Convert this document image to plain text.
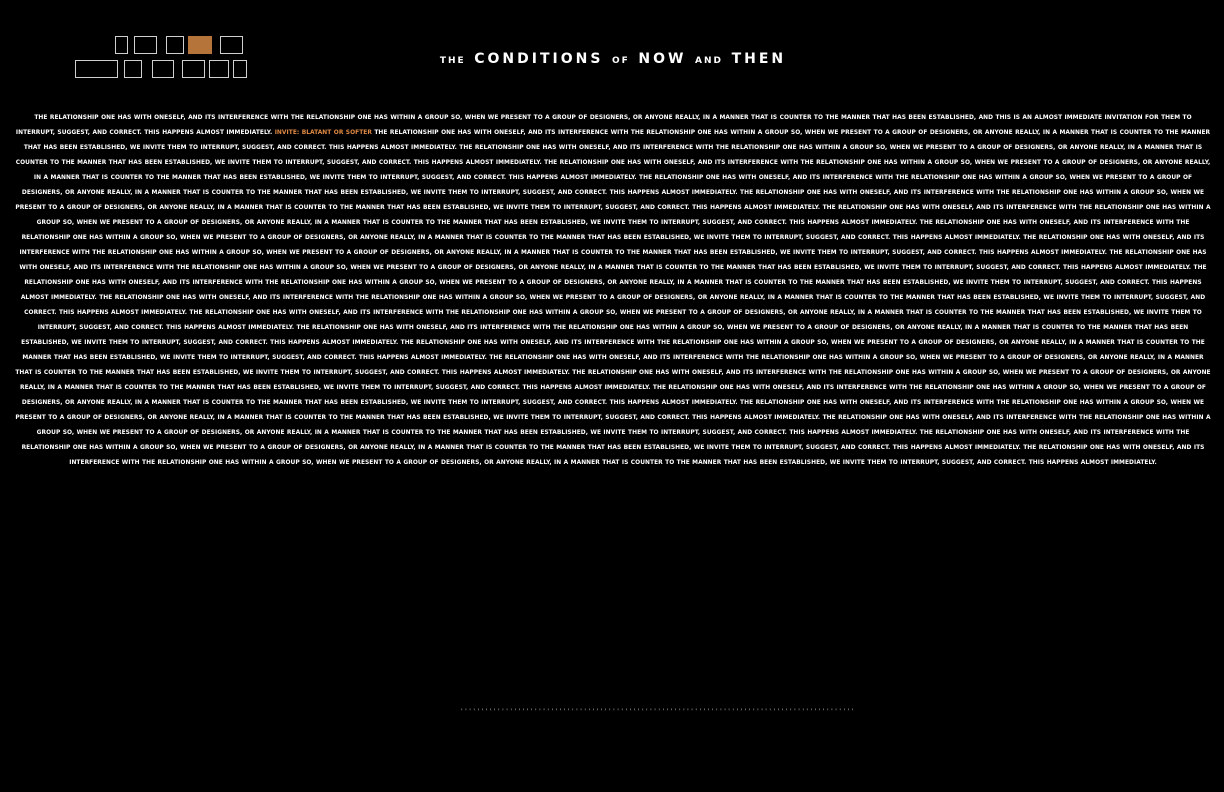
THE CONDITIONS OF NOW AND THEN
THE RELATIONSHIP ONE HAS WITH ONESELF, AND ITS INTERFERENCE WITH THE RELATIONSHIP ONE HAS WITHIN A GROUP SO, WHEN WE PRESENT TO A GROUP OF DESIGNERS, OR ANYONE REALLY, IN A MANNER THAT IS COUNTER TO THE MANNER THAT HAS BEEN ESTABLISHED, AND THIS IS AN ALMOST IMMEDIATE INVITATION FOR THEM TO INTERRUPT, SUGGEST, AND CORRECT. THIS HAPPENS ALMOST IMMEDIATELY. INVITE: BLATANT OR SOFTER THE RELATIONSHIP ONE HAS WITH ONESELF, AND ITS INTERFERENCE WITH THE RELATIONSHIP ONE HAS WITHIN A GROUP SO, WHEN WE PRESENT TO A GROUP OF DESIGNERS, OR ANYONE REALLY, IN A MANNER THAT IS COUNTER TO THE MANNER THAT HAS BEEN ESTABLISHED, WE INVITE THEM TO INTERRUPT, SUGGEST, AND CORRECT. THIS HAPPENS ALMOST IMMEDIATELY. THE RELATIONSHIP ONE HAS WITH ONESELF, AND ITS INTERFERENCE WITH THE RELATIONSHIP ONE HAS WITHIN A GROUP SO, WHEN WE PRESENT TO A GROUP OF DESIGNERS, OR ANYONE REALLY, IN A MANNER THAT IS COUNTER TO THE MANNER THAT HAS BEEN ESTABLISHED, WE INVITE THEM TO INTERRUPT, SUGGEST, AND CORRECT. THIS HAPPENS ALMOST IMMEDIATELY. THE RELATIONSHIP ONE HAS WITH ONESELF, AND ITS INTERFERENCE WITH THE RELATIONSHIP ONE HAS WITHIN A GROUP SO, WHEN WE PRESENT TO A GROUP OF DESIGNERS, OR ANYONE REALLY, IN A MANNER THAT IS COUNTER TO THE MANNER THAT HAS BEEN ESTABLISHED, WE INVITE THEM TO INTERRUPT, SUGGEST, AND CORRECT. THIS HAPPENS ALMOST IMMEDIATELY. THE RELATIONSHIP ONE HAS WITH ONESELF, AND ITS INTERFERENCE WITH THE RELATIONSHIP ONE HAS WITHIN A GROUP SO, WHEN WE PRESENT TO A GROUP OF DESIGNERS, OR ANYONE REALLY, IN A MANNER THAT IS COUNTER TO THE MANNER THAT HAS BEEN ESTABLISHED, WE INVITE THEM TO INTERRUPT, SUGGEST, AND CORRECT. THIS HAPPENS ALMOST IMMEDIATELY. THE RELATIONSHIP ONE HAS WITH ONESELF, AND ITS INTERFERENCE WITH THE RELATIONSHIP ONE HAS WITHIN A GROUP SO, WHEN WE PRESENT TO A GROUP OF DESIGNERS, OR ANYONE REALLY, IN A MANNER THAT IS COUNTER TO THE MANNER THAT HAS BEEN ESTABLISHED, WE INVITE THEM TO INTERRUPT, SUGGEST, AND CORRECT. THIS HAPPENS ALMOST IMMEDIATELY. THE RELATIONSHIP ONE HAS WITH ONESELF, AND ITS INTERFERENCE WITH THE RELATIONSHIP ONE HAS WITHIN A GROUP SO, WHEN WE PRESENT TO A GROUP OF DESIGNERS, OR ANYONE REALLY, IN A MANNER THAT IS COUNTER TO THE MANNER THAT HAS BEEN ESTABLISHED, WE INVITE THEM TO INTERRUPT, SUGGEST, AND CORRECT. THIS HAPPENS ALMOST IMMEDIATELY. THE RELATIONSHIP ONE HAS WITH ONESELF, AND ITS INTERFERENCE WITH THE RELATIONSHIP ONE HAS WITHIN A GROUP SO, WHEN WE PRESENT TO A GROUP OF DESIGNERS, OR ANYONE REALLY, IN A MANNER THAT IS COUNTER TO THE MANNER THAT HAS BEEN ESTABLISHED, WE INVITE THEM TO INTERRUPT, SUGGEST, AND CORRECT. THIS HAPPENS ALMOST IMMEDIATELY. THE RELATIONSHIP ONE HAS WITH ONESELF, AND ITS INTERFERENCE WITH THE RELATIONSHIP ONE HAS WITHIN A GROUP SO, WHEN WE PRESENT TO A GROUP OF DESIGNERS, OR ANYONE REALLY, IN A MANNER THAT IS COUNTER TO THE MANNER THAT HAS BEEN ESTABLISHED, WE INVITE THEM TO INTERRUPT, SUGGEST, AND CORRECT. THIS HAPPENS ALMOST IMMEDIATELY. THE RELATIONSHIP ONE HAS WITH ONESELF, AND ITS INTERFERENCE WITH THE RELATIONSHIP ONE HAS WITHIN A GROUP SO, WHEN WE PRESENT TO A GROUP OF DESIGNERS, OR ANYONE REALLY, IN A MANNER THAT IS COUNTER TO THE MANNER THAT HAS BEEN ESTABLISHED, WE INVITE THEM TO INTERRUPT, SUGGEST, AND CORRECT. THIS HAPPENS ALMOST IMMEDIATELY. THE RELATIONSHIP ONE HAS WITH ONESELF, AND ITS INTERFERENCE WITH THE RELATIONSHIP ONE HAS WITHIN A GROUP SO, WHEN WE PRESENT TO A GROUP OF DESIGNERS, OR ANYONE REALLY, IN A MANNER THAT IS COUNTER TO THE MANNER THAT HAS BEEN ESTABLISHED, WE INVITE THEM TO INTERRUPT, SUGGEST, AND CORRECT. THIS HAPPENS ALMOST IMMEDIATELY. THE RELATIONSHIP ONE HAS WITH ONESELF, AND ITS INTERFERENCE WITH THE RELATIONSHIP ONE HAS WITHIN A GROUP SO, WHEN WE PRESENT TO A GROUP OF DESIGNERS, OR ANYONE REALLY, IN A MANNER THAT IS COUNTER TO THE MANNER THAT HAS BEEN ESTABLISHED, WE INVITE THEM TO INTERRUPT, SUGGEST, AND CORRECT. THIS HAPPENS ALMOST IMMEDIATELY. THE RELATIONSHIP ONE HAS WITH ONESELF, AND ITS INTERFERENCE WITH THE RELATIONSHIP ONE HAS WITHIN A GROUP SO, WHEN WE PRESENT TO A GROUP OF DESIGNERS, OR ANYONE REALLY, IN A MANNER THAT IS COUNTER TO THE MANNER THAT HAS BEEN ESTABLISHED, WE INVITE THEM TO INTERRUPT, SUGGEST, AND CORRECT. THIS HAPPENS ALMOST IMMEDIATELY. THE RELATIONSHIP ONE HAS WITH ONESELF, AND ITS INTERFERENCE WITH THE RELATIONSHIP ONE HAS WITHIN A GROUP SO, WHEN WE PRESENT TO A GROUP OF DESIGNERS, OR ANYONE REALLY, IN A MANNER THAT IS COUNTER TO THE MANNER THAT HAS BEEN ESTABLISHED, WE INVITE THEM TO INTERRUPT, SUGGEST, AND CORRECT. THIS HAPPENS ALMOST IMMEDIATELY. THE RELATIONSHIP ONE HAS WITH ONESELF, AND ITS INTERFERENCE WITH THE RELATIONSHIP ONE HAS WITHIN A GROUP SO, WHEN WE PRESENT TO A GROUP OF DESIGNERS, OR ANYONE REALLY, IN A MANNER THAT IS COUNTER TO THE MANNER THAT HAS BEEN ESTABLISHED, WE INVITE THEM TO INTERRUPT, SUGGEST, AND CORRECT. THIS HAPPENS ALMOST IMMEDIATELY. THE RELATIONSHIP ONE HAS WITH ONESELF, AND ITS INTERFERENCE WITH THE RELATIONSHIP ONE HAS WITHIN A GROUP SO, WHEN WE PRESENT TO A GROUP OF DESIGNERS, OR ANYONE REALLY, IN A MANNER THAT IS COUNTER TO THE MANNER THAT HAS BEEN ESTABLISHED, WE INVITE THEM TO INTERRUPT, SUGGEST, AND CORRECT. THIS HAPPENS ALMOST IMMEDIATELY. THE RELATIONSHIP ONE HAS WITH ONESELF, AND ITS INTERFERENCE WITH THE RELATIONSHIP ONE HAS WITHIN A GROUP SO, WHEN WE PRESENT TO A GROUP OF DESIGNERS, OR ANYONE REALLY, IN A MANNER THAT IS COUNTER TO THE MANNER THAT HAS BEEN ESTABLISHED, WE INVITE THEM TO INTERRUPT, SUGGEST, AND CORRECT. THIS HAPPENS ALMOST IMMEDIATELY. THE RELATIONSHIP ONE HAS WITH ONESELF, AND ITS INTERFERENCE WITH THE RELATIONSHIP ONE HAS WITHIN A GROUP SO, WHEN WE PRESENT TO A GROUP OF DESIGNERS, OR ANYONE REALLY, IN A MANNER THAT IS COUNTER TO THE MANNER THAT HAS BEEN ESTABLISHED, WE INVITE THEM TO INTERRUPT, SUGGEST, AND CORRECT. THIS HAPPENS ALMOST IMMEDIATELY. THE RELATIONSHIP ONE HAS WITH ONESELF, AND ITS INTERFERENCE WITH THE RELATIONSHIP ONE HAS WITHIN A GROUP SO, WHEN WE PRESENT TO A GROUP OF DESIGNERS, OR ANYONE REALLY, IN A MANNER THAT IS COUNTER TO THE MANNER THAT HAS BEEN ESTABLISHED, WE INVITE THEM TO INTERRUPT, SUGGEST, AND CORRECT. THIS HAPPENS ALMOST IMMEDIATELY. THE RELATIONSHIP ONE HAS WITH ONESELF, AND ITS INTERFERENCE WITH THE RELATIONSHIP ONE HAS WITHIN A GROUP SO, WHEN WE PRESENT TO A GROUP OF DESIGNERS, OR ANYONE REALLY, IN A MANNER THAT IS COUNTER TO THE MANNER THAT HAS BEEN ESTABLISHED, WE INVITE THEM TO INTERRUPT, SUGGEST, AND CORRECT. THIS HAPPENS ALMOST IMMEDIATELY. THE RELATIONSHIP ONE HAS WITH ONESELF, AND ITS INTERFERENCE WITH THE RELATIONSHIP ONE HAS WITHIN A GROUP SO, WHEN WE PRESENT TO A GROUP OF DESIGNERS, OR ANYONE REALLY, IN A MANNER THAT IS COUNTER TO THE MANNER THAT HAS BEEN ESTABLISHED, WE INVITE THEM TO INTERRUPT, SUGGEST, AND CORRECT. THIS HAPPENS ALMOST IMMEDIATELY. THE RELATIONSHIP ONE HAS WITH ONESELF, AND ITS INTERFERENCE WITH THE RELATIONSHIP ONE HAS WITHIN A GROUP SO, WHEN WE PRESENT TO A GROUP OF DESIGNERS, OR ANYONE REALLY, IN A MANNER THAT IS COUNTER TO THE MANNER THAT HAS BEEN ESTABLISHED, WE INVITE THEM TO INTERRUPT, SUGGEST, AND CORRECT. THIS HAPPENS ALMOST IMMEDIATELY.
''''''''''''''''''''''''''''''''''''''''''''''''''''''''''''''''''''''''''''''''''''''''''''''''
